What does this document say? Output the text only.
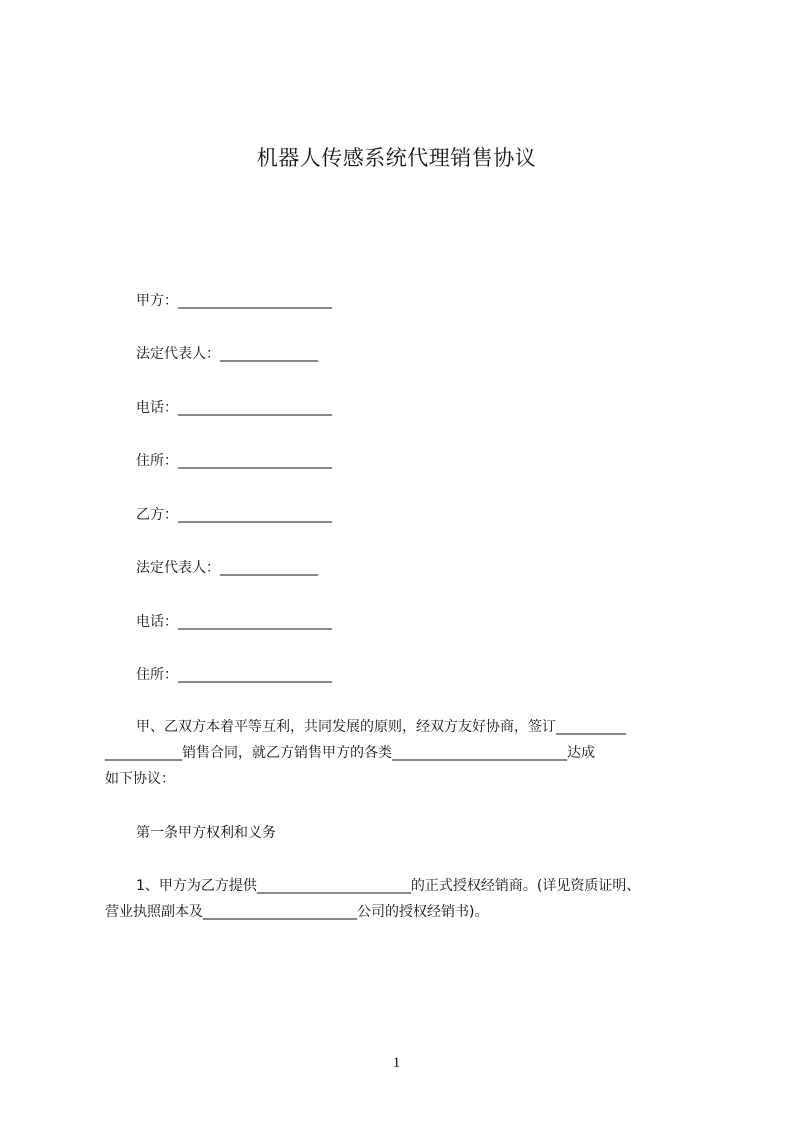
机器人传感系统代理销售协议
甲方：______________________
法定代表人：______________
电话：______________________
住所：______________________
乙方：______________________
法定代表人：______________
电话：______________________
住所：______________________
甲、乙双方本着平等互利，共同发展的原则，经双方友好协商，签订__________
___________销售合同，就乙方销售甲方的各类_________________________达成
如下协议：
第一条甲方权利和义务
1、甲方为乙方提供______________________的正式授权经销商。(详见资质证明、
营业执照副本及______________________公司的授权经销书)。
1
